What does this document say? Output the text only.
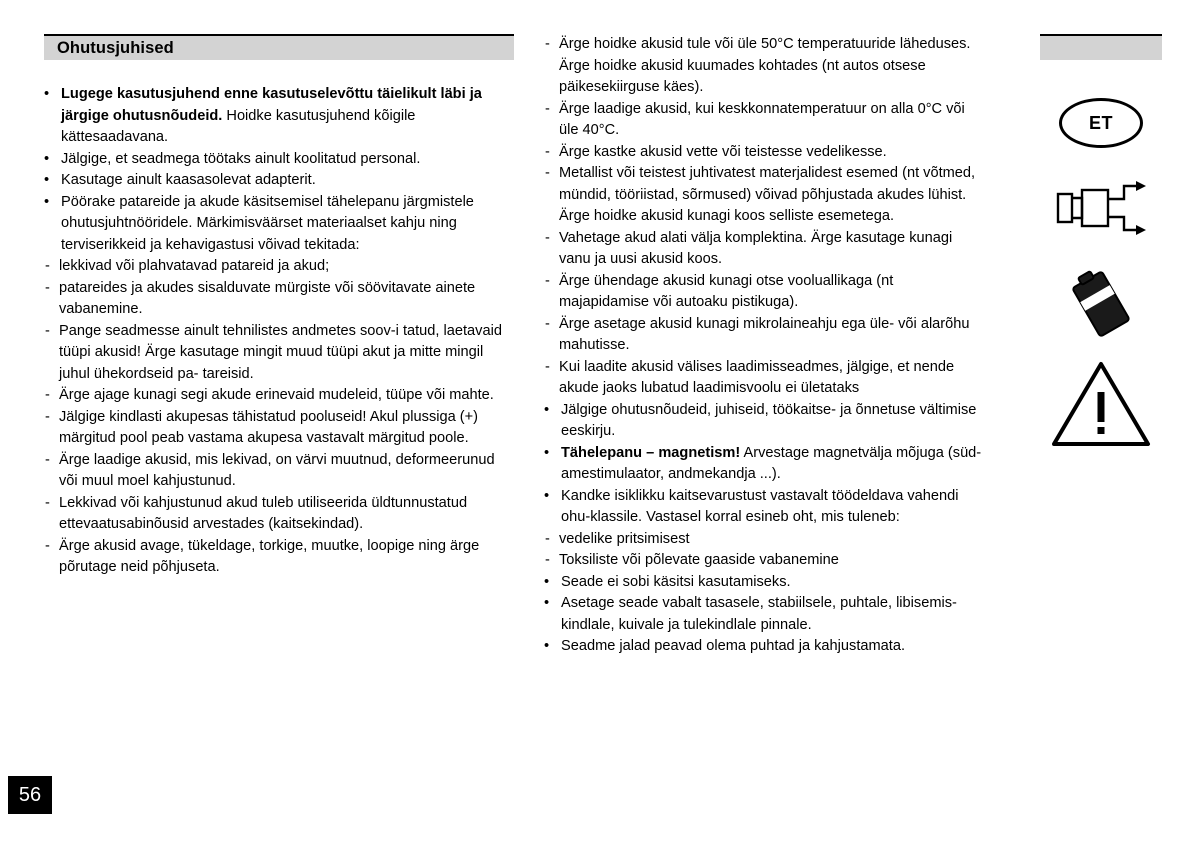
Ohutusjuhised
• Lugege kasutusjuhend enne kasutuselevõttu täielikult läbi ja järgige ohutusnõudeid. Hoidke kasutusjuhend kõigile kättesaadavana.
• Jälgige, et seadmega töötaks ainult koolitatud personal.
• Kasutage ainult kaasasolevat adapterit.
• Pöörake patareide ja akude käsitsemisel tähelepanu järgmistele ohutusjuhtnööridele. Märkimisväärset materiaalset kahju ning terviserikkeid ja kehavigastusi võivad tekitada:
- lekkivad või plahvatavad patareid ja akud;
- patareides ja akudes sisalduvate mürgiste või söövitavate ainete vabanemine.
- Pange seadmesse ainult tehnilistes andmetes soov-i tatud, laetavaid tüüpi akusid! Ärge kasutage mingit muud tüüpi akut ja mitte mingil juhul ühekordseid pa- tareisid.
- Ärge ajage kunagi segi akude erinevaid mudeleid, tüüpe või mahte.
- Jälgige kindlasti akupesas tähistatud pooluseid! Akul plussiga (+) märgitud pool peab vastama akupesa vastavalt märgitud poole.
- Ärge laadige akusid, mis lekivad, on värvi muutnud, deformeerunud või muul moel kahjustunud.
- Lekkivad või kahjustunud akud tuleb utiliseerida üldtunnustatud ettevaatusabinõusid arvestades (kaitsekindad).
- Ärge akusid avage, tükeldage, torkige, muutke, loopige ning ärge põrutage neid põhjuseta.
- Ärge hoidke akusid tule või üle 50°C temperatuuride läheduses. Ärge hoidke akusid kuumades kohtades (nt autos otsese päikesekiirguse käes).
- Ärge laadige akusid, kui keskkonnatemperatuur on alla 0°C või üle 40°C.
- Ärge kastke akusid vette või teistesse vedelikesse.
- Metallist või teistest juhtivatest materjalidest esemed (nt võtmed, mündid, tööriistad, sõrmused) võivad põhjustada akudes lühist. Ärge hoidke akusid kunagi koos selliste esemetega.
- Vahetage akud alati välja komplektina. Ärge kasutage kunagi vanu ja uusi akusid koos.
- Ärge ühendage akusid kunagi otse vooluallikaga (nt majapidamise või autoaku pistikuga).
- Ärge asetage akusid kunagi mikrolaineahju ega üle- või alarõhu mahutisse.
- Kui laadite akusid välises laadimisseadmes, jälgige, et nende akude jaoks lubatud laadimisvoolu ei ületataks
• Jälgige ohutusnõudeid, juhiseid, töökaitse- ja õnnetuse vältimise eeskirju.
• Tähelepanu – magnetism! Arvestage magnetvälja mõjuga (süd-amestimulaator, andmekandja ...).
• Kandke isiklikku kaitsevarustust vastavalt töödeldava vahendi ohu-klassile. Vastasel korral esineb oht, mis tuleneb:
- vedelike pritsimisest
- Toksiliste või põlevate gaaside vabanemine
• Seade ei sobi käsitsi kasutamiseks.
• Asetage seade vabalt tasasele, stabiilsele, puhtale, libisemis- kindlale, kuivale ja tulekindlale pinnale.
• Seadme jalad peavad olema puhtad ja kahjustamata.
ET
56
